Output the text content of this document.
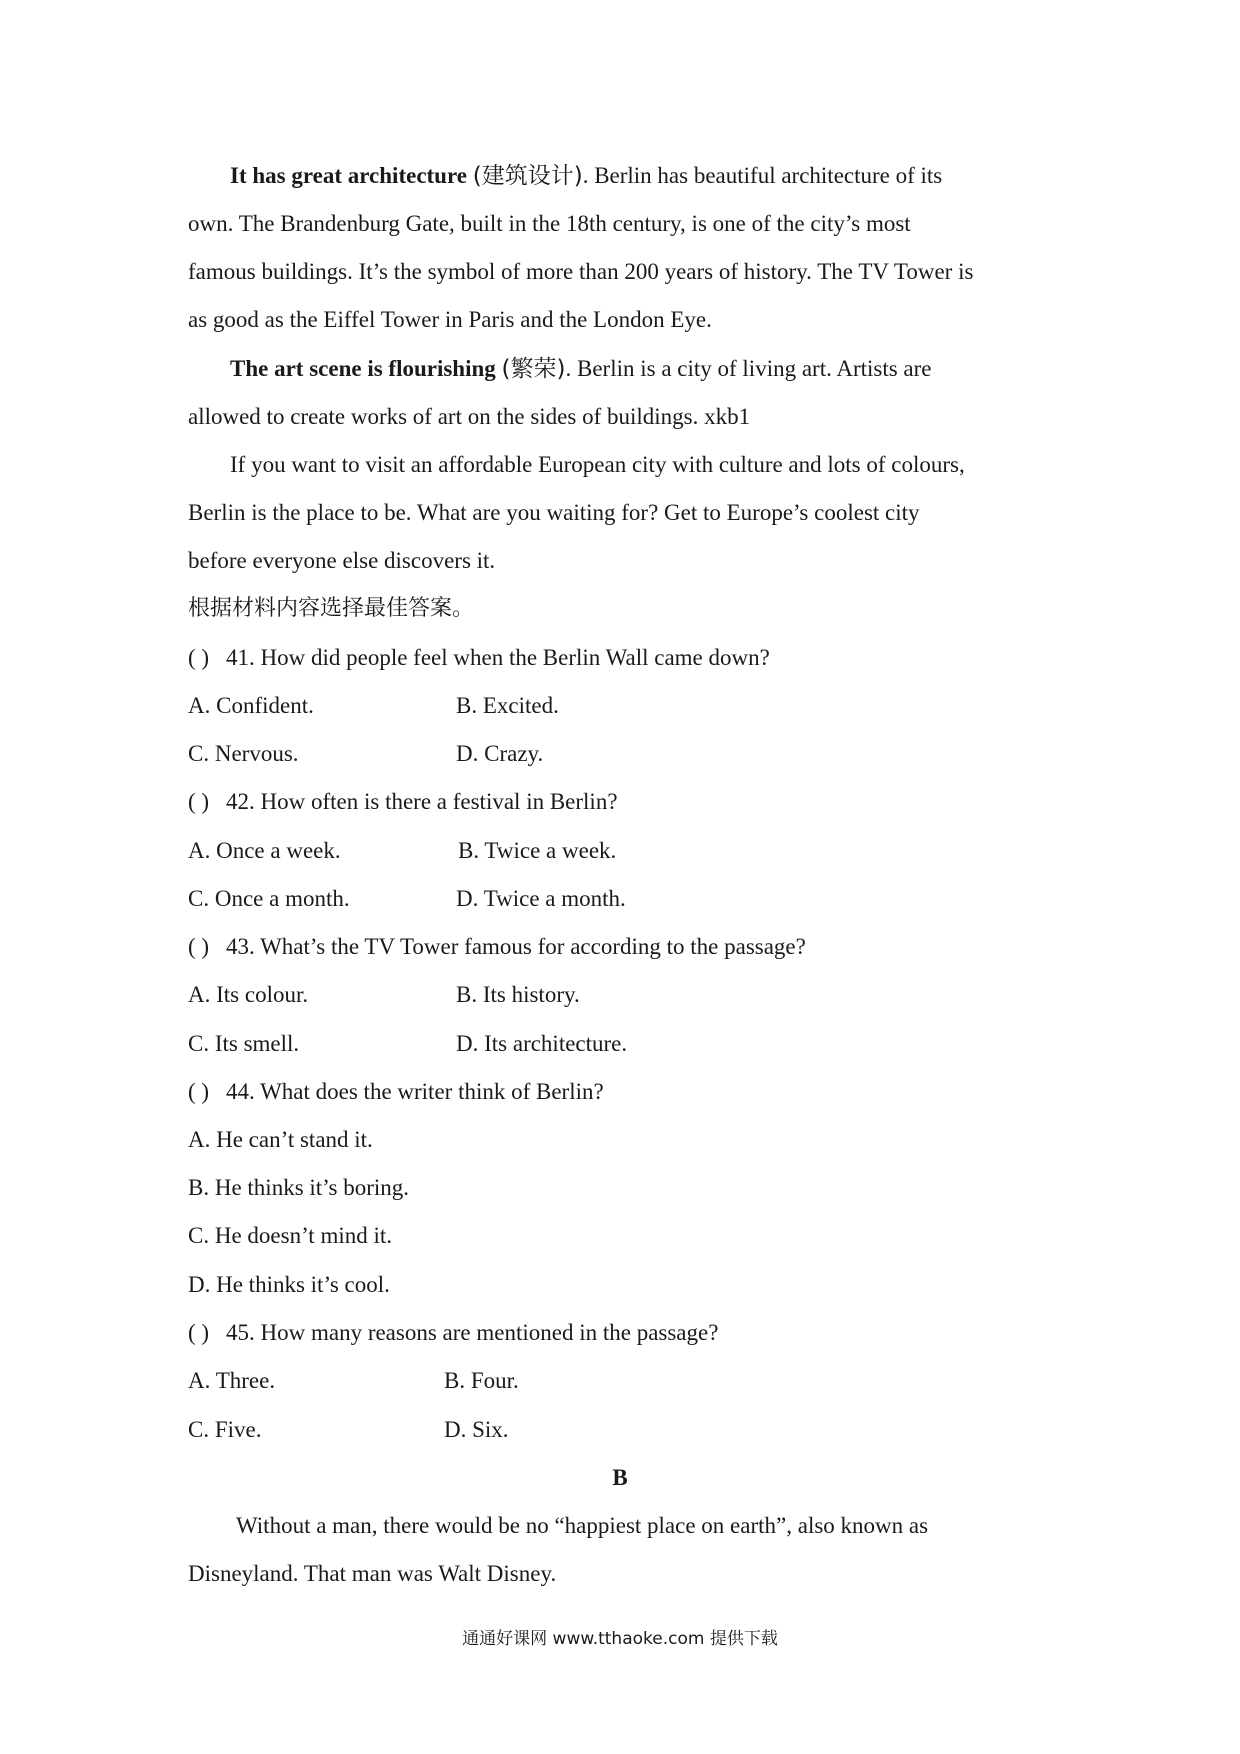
It has great architecture (建筑设计). Berlin has beautiful architecture of its
own. The Brandenburg Gate, built in the 18th century, is one of the city’s most
famous buildings. It’s the symbol of more than 200 years of history. The TV Tower is
as good as the Eiffel Tower in Paris and the London Eye.
The art scene is flourishing (繁荣). Berlin is a city of living art. Artists are
allowed to create works of art on the sides of buildings. xkb1
If you want to visit an affordable European city with culture and lots of colours,
Berlin is the place to be. What are you waiting for? Get to Europe’s coolest city
before everyone else discovers it.
根据材料内容选择最佳答案。
( ) 41. How did people feel when the Berlin Wall came down?
A. Confident.	B. Excited.
C. Nervous.	D. Crazy.
( ) 42. How often is there a festival in Berlin?
A. Once a week.	B. Twice a week.
C. Once a month.	D. Twice a month.
( ) 43. What’s the TV Tower famous for according to the passage?
A. Its colour.	B. Its history.
C. Its smell.	D. Its architecture.
( ) 44. What does the writer think of Berlin?
A. He can’t stand it.
B. He thinks it’s boring.
C. He doesn’t mind it.
D. He thinks it’s cool.
( ) 45. How many reasons are mentioned in the passage?
A. Three.	B. Four.
C. Five.	D. Six.
B
Without a man, there would be no “happiest place on earth”, also known as
Disneyland. That man was Walt Disney.
通通好课网 www.tthaoke.com 提供下载
